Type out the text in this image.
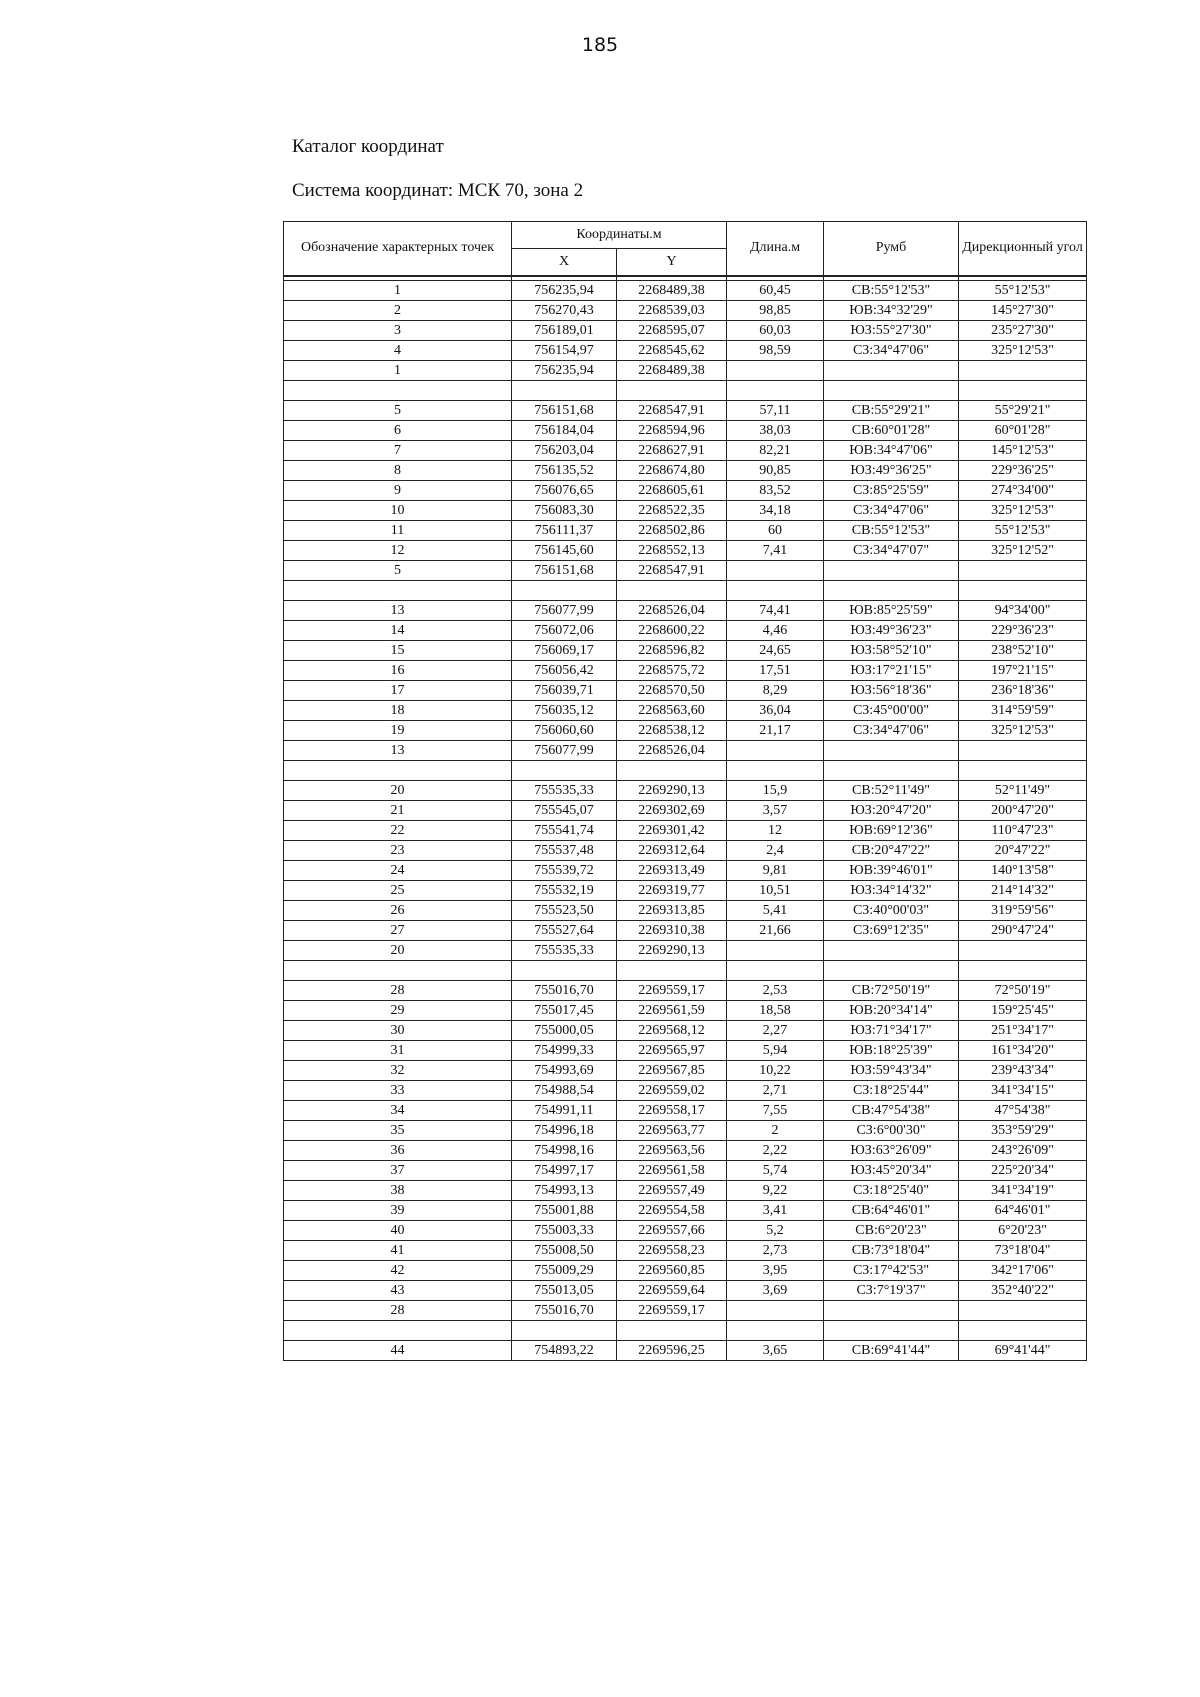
185
Каталог координат
Система координат: МСК 70, зона 2
Обозначение характерных точек	Координаты.м		Длина.м	Румб	Дирекционный угол
	X	Y			

1	756235,94	2268489,38	60,45	СВ:55°12'53"	55°12'53"
2	756270,43	2268539,03	98,85	ЮВ:34°32'29"	145°27'30"
3	756189,01	2268595,07	60,03	ЮЗ:55°27'30"	235°27'30"
4	756154,97	2268545,62	98,59	СЗ:34°47'06"	325°12'53"
1	756235,94	2268489,38			

5	756151,68	2268547,91	57,11	СВ:55°29'21"	55°29'21"
6	756184,04	2268594,96	38,03	СВ:60°01'28"	60°01'28"
7	756203,04	2268627,91	82,21	ЮВ:34°47'06"	145°12'53"
8	756135,52	2268674,80	90,85	ЮЗ:49°36'25"	229°36'25"
9	756076,65	2268605,61	83,52	СЗ:85°25'59"	274°34'00"
10	756083,30	2268522,35	34,18	СЗ:34°47'06"	325°12'53"
11	756111,37	2268502,86	60	СВ:55°12'53"	55°12'53"
12	756145,60	2268552,13	7,41	СЗ:34°47'07"	325°12'52"
5	756151,68	2268547,91			

13	756077,99	2268526,04	74,41	ЮВ:85°25'59"	94°34'00"
14	756072,06	2268600,22	4,46	ЮЗ:49°36'23"	229°36'23"
15	756069,17	2268596,82	24,65	ЮЗ:58°52'10"	238°52'10"
16	756056,42	2268575,72	17,51	ЮЗ:17°21'15"	197°21'15"
17	756039,71	2268570,50	8,29	ЮЗ:56°18'36"	236°18'36"
18	756035,12	2268563,60	36,04	СЗ:45°00'00"	314°59'59"
19	756060,60	2268538,12	21,17	СЗ:34°47'06"	325°12'53"
13	756077,99	2268526,04			

20	755535,33	2269290,13	15,9	СВ:52°11'49"	52°11'49"
21	755545,07	2269302,69	3,57	ЮЗ:20°47'20"	200°47'20"
22	755541,74	2269301,42	12	ЮВ:69°12'36"	110°47'23"
23	755537,48	2269312,64	2,4	СВ:20°47'22"	20°47'22"
24	755539,72	2269313,49	9,81	ЮВ:39°46'01"	140°13'58"
25	755532,19	2269319,77	10,51	ЮЗ:34°14'32"	214°14'32"
26	755523,50	2269313,85	5,41	СЗ:40°00'03"	319°59'56"
27	755527,64	2269310,38	21,66	СЗ:69°12'35"	290°47'24"
20	755535,33	2269290,13			

28	755016,70	2269559,17	2,53	СВ:72°50'19"	72°50'19"
29	755017,45	2269561,59	18,58	ЮВ:20°34'14"	159°25'45"
30	755000,05	2269568,12	2,27	ЮЗ:71°34'17"	251°34'17"
31	754999,33	2269565,97	5,94	ЮВ:18°25'39"	161°34'20"
32	754993,69	2269567,85	10,22	ЮЗ:59°43'34"	239°43'34"
33	754988,54	2269559,02	2,71	СЗ:18°25'44"	341°34'15"
34	754991,11	2269558,17	7,55	СВ:47°54'38"	47°54'38"
35	754996,18	2269563,77	2	СЗ:6°00'30"	353°59'29"
36	754998,16	2269563,56	2,22	ЮЗ:63°26'09"	243°26'09"
37	754997,17	2269561,58	5,74	ЮЗ:45°20'34"	225°20'34"
38	754993,13	2269557,49	9,22	СЗ:18°25'40"	341°34'19"
39	755001,88	2269554,58	3,41	СВ:64°46'01"	64°46'01"
40	755003,33	2269557,66	5,2	СВ:6°20'23"	6°20'23"
41	755008,50	2269558,23	2,73	СВ:73°18'04"	73°18'04"
42	755009,29	2269560,85	3,95	СЗ:17°42'53"	342°17'06"
43	755013,05	2269559,64	3,69	СЗ:7°19'37"	352°40'22"
28	755016,70	2269559,17			

44	754893,22	2269596,25	3,65	СВ:69°41'44"	69°41'44"
